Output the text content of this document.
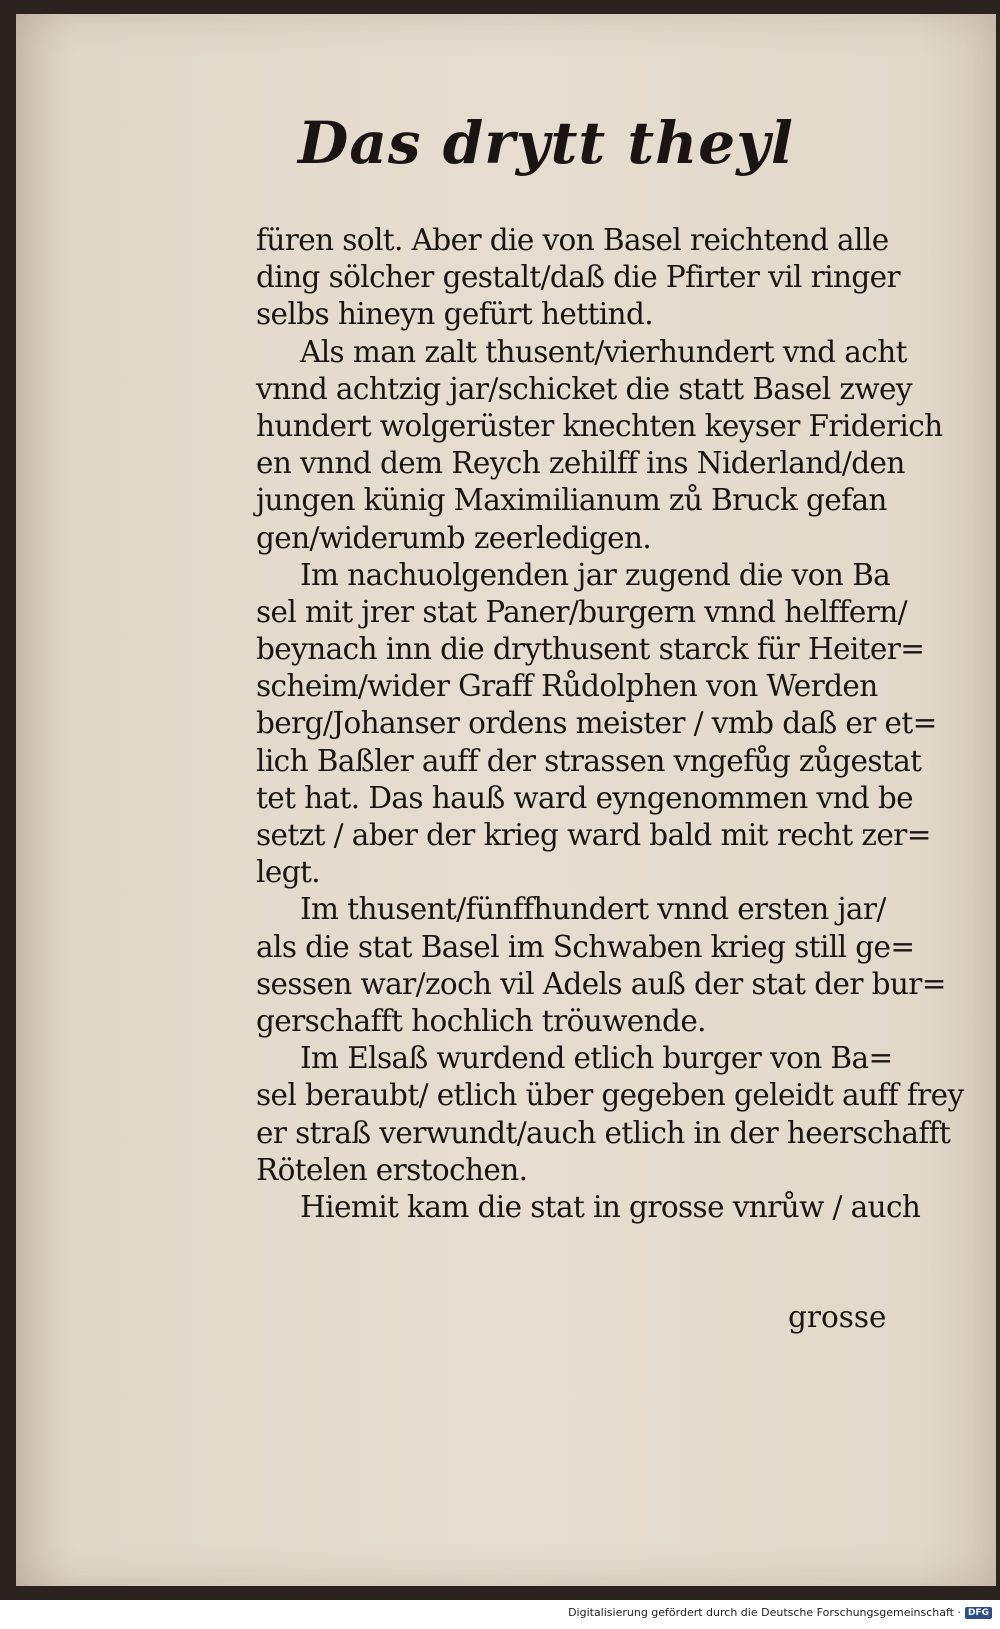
Das drytt theyl
füren solt. Aber die von Basel reichtend alle
ding sölcher gestalt/daß die Pfirter vil ringer
selbs hineyn gefürt hettind.
Als man zalt thusent/vierhundert vnd acht
vnnd achtzig jar/schicket die statt Basel zwey
hundert wolgerüster knechten keyser Friderich
en vnnd dem Reych zehilff ins Niderland/den
jungen künig Maximilianum zů Bruck gefan
gen/widerumb zeerledigen.
Im nachuolgenden jar zugend die von Ba
sel mit jrer stat Paner/burgern vnnd helffern/
beynach inn die drythusent starck für Heiter=
scheim/wider Graff Růdolphen von Werden
berg/Johanser ordens meister / vmb daß er et=
lich Baßler auff der strassen vngefůg zůgestat
tet hat. Das hauß ward eyngenommen vnd be
setzt / aber der krieg ward bald mit recht zer=
legt.
Im thusent/fünffhundert vnnd ersten jar/
als die stat Basel im Schwaben krieg still ge=
sessen war/zoch vil Adels auß der stat der bur=
gerschafft hochlich tröuwende.
Im Elsaß wurdend etlich burger von Ba=
sel beraubt/ etlich über gegeben geleidt auff frey
er straß verwundt/auch etlich in der heerschafft
Rötelen erstochen.
Hiemit kam die stat in grosse vnrůw / auch
grosse
Digitalisierung gefördert durch die Deutsche Forschungsgemeinschaft · DFG
